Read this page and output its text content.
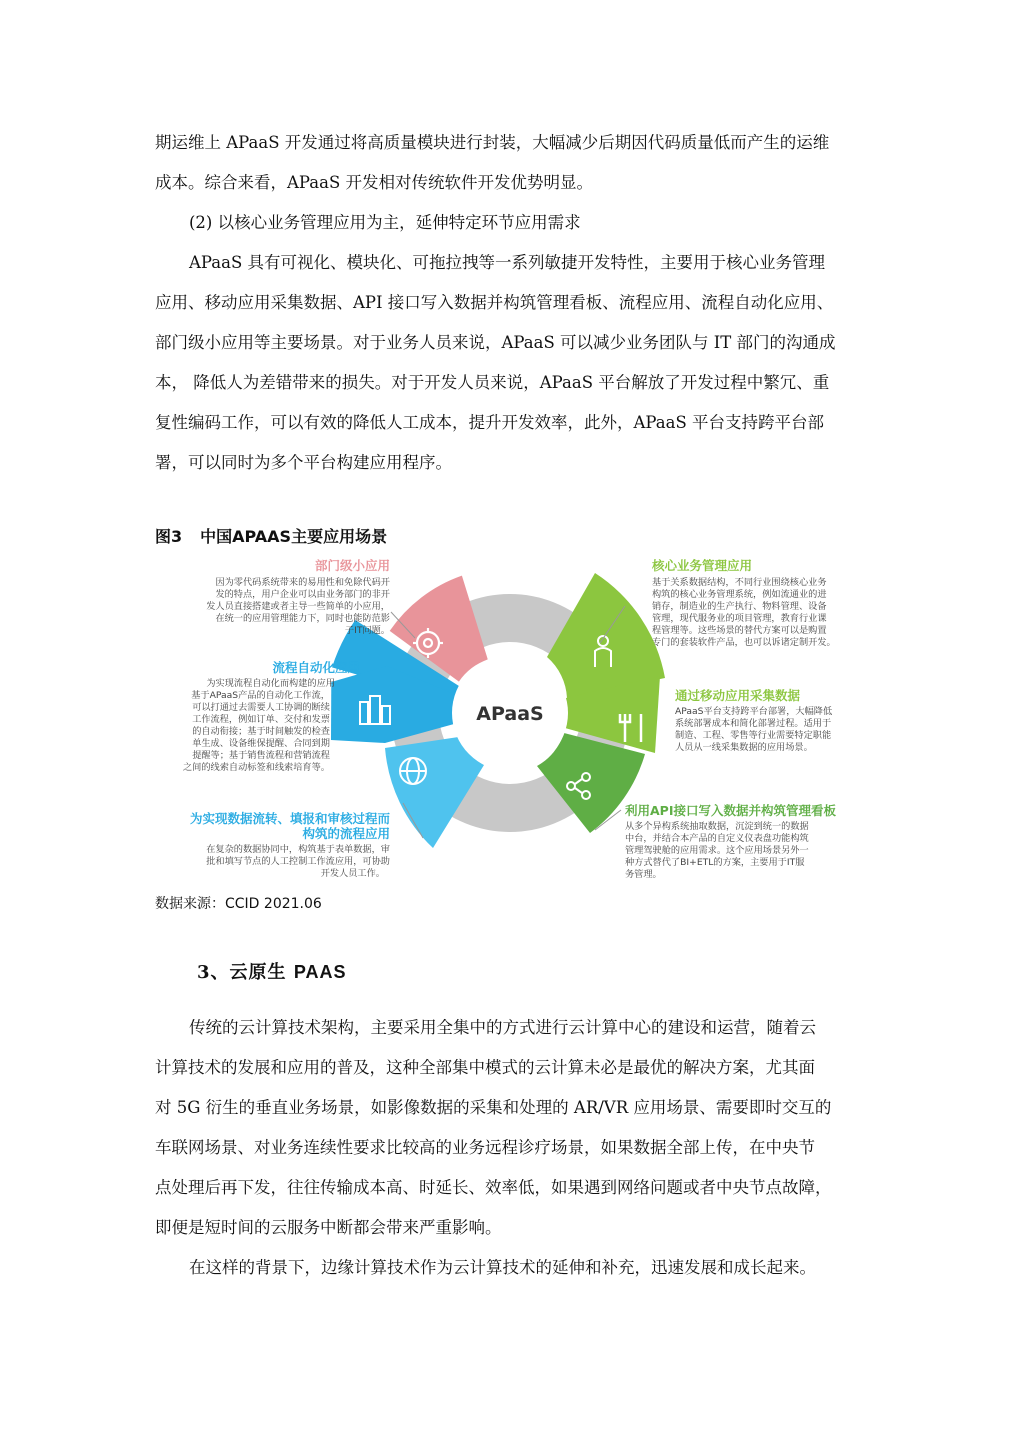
期运维上 APaaS 开发通过将高质量模块进行封装，大幅减少后期因代码质量低而产生的运维
成本。综合来看，APaaS 开发相对传统软件开发优势明显。
(2) 以核心业务管理应用为主，延伸特定环节应用需求
APaaS 具有可视化、模块化、可拖拉拽等一系列敏捷开发特性，主要用于核心业务管理
应用、移动应用采集数据、API 接口写入数据并构筑管理看板、流程应用、流程自动化应用、
部门级小应用等主要场景。对于业务人员来说，APaaS 可以减少业务团队与 IT 部门的沟通成
本， 降低人为差错带来的损失。对于开发人员来说，APaaS 平台解放了开发过程中繁冗、重
复性编码工作，可以有效的降低人工成本，提升开发效率，此外，APaaS 平台支持跨平台部
署，可以同时为多个平台构建应用程序。
图3 中国APAAS主要应用场景
APaaS
部门级小应用
因为零代码系统带来的易用性和免除代码开
发的特点，用户企业可以由业务部门的非开
发人员直接搭建或者主导一些简单的小应用，
在统一的应用管理能力下，同时也能防范影
子IT问题。
流程自动化应用
为实现流程自动化而构建的应用
基于APaaS产品的自动化工作流，
可以打通过去需要人工协调的断续
工作流程，例如订单、交付和发票
的自动衔接；基于时间触发的检查
单生成、设备维保提醒、合同到期
提醒等；基于销售流程和营销流程
之间的线索自动标签和线索培育等。
为实现数据流转、填报和审核过程而
构筑的流程应用
在复杂的数据协同中，构筑基于表单数据，审
批和填写节点的人工控制工作流应用，可协助
开发人员工作。
核心业务管理应用
基于关系数据结构，不同行业围绕核心业务
构筑的核心业务管理系统，例如流通业的进
销存，制造业的生产执行、物料管理、设备
管理，现代服务业的项目管理，教育行业课
程管理等。这些场景的替代方案可以是购置
专门的套装软件产品，也可以诉诸定制开发。
通过移动应用采集数据
APaaS平台支持跨平台部署，大幅降低
系统部署成本和简化部署过程。适用于
制造、工程、零售等行业需要特定职能
人员从一线采集数据的应用场景。
利用API接口写入数据并构筑管理看板
从多个异构系统抽取数据，沉淀到统一的数据
中台，并结合本产品的自定义仪表盘功能构筑
管理驾驶舱的应用需求。这个应用场景另外一
种方式替代了BI+ETL的方案，主要用于IT服
务管理。
数据来源：CCID 2021.06
3、云原生 PAAS
传统的云计算技术架构，主要采用全集中的方式进行云计算中心的建设和运营，随着云
计算技术的发展和应用的普及，这种全部集中模式的云计算未必是最优的解决方案，尤其面
对 5G 衍生的垂直业务场景，如影像数据的采集和处理的 AR/VR 应用场景、需要即时交互的
车联网场景、对业务连续性要求比较高的业务远程诊疗场景，如果数据全部上传，在中央节
点处理后再下发，往往传输成本高、时延长、效率低，如果遇到网络问题或者中央节点故障，
即便是短时间的云服务中断都会带来严重影响。
在这样的背景下，边缘计算技术作为云计算技术的延伸和补充，迅速发展和成长起来。
